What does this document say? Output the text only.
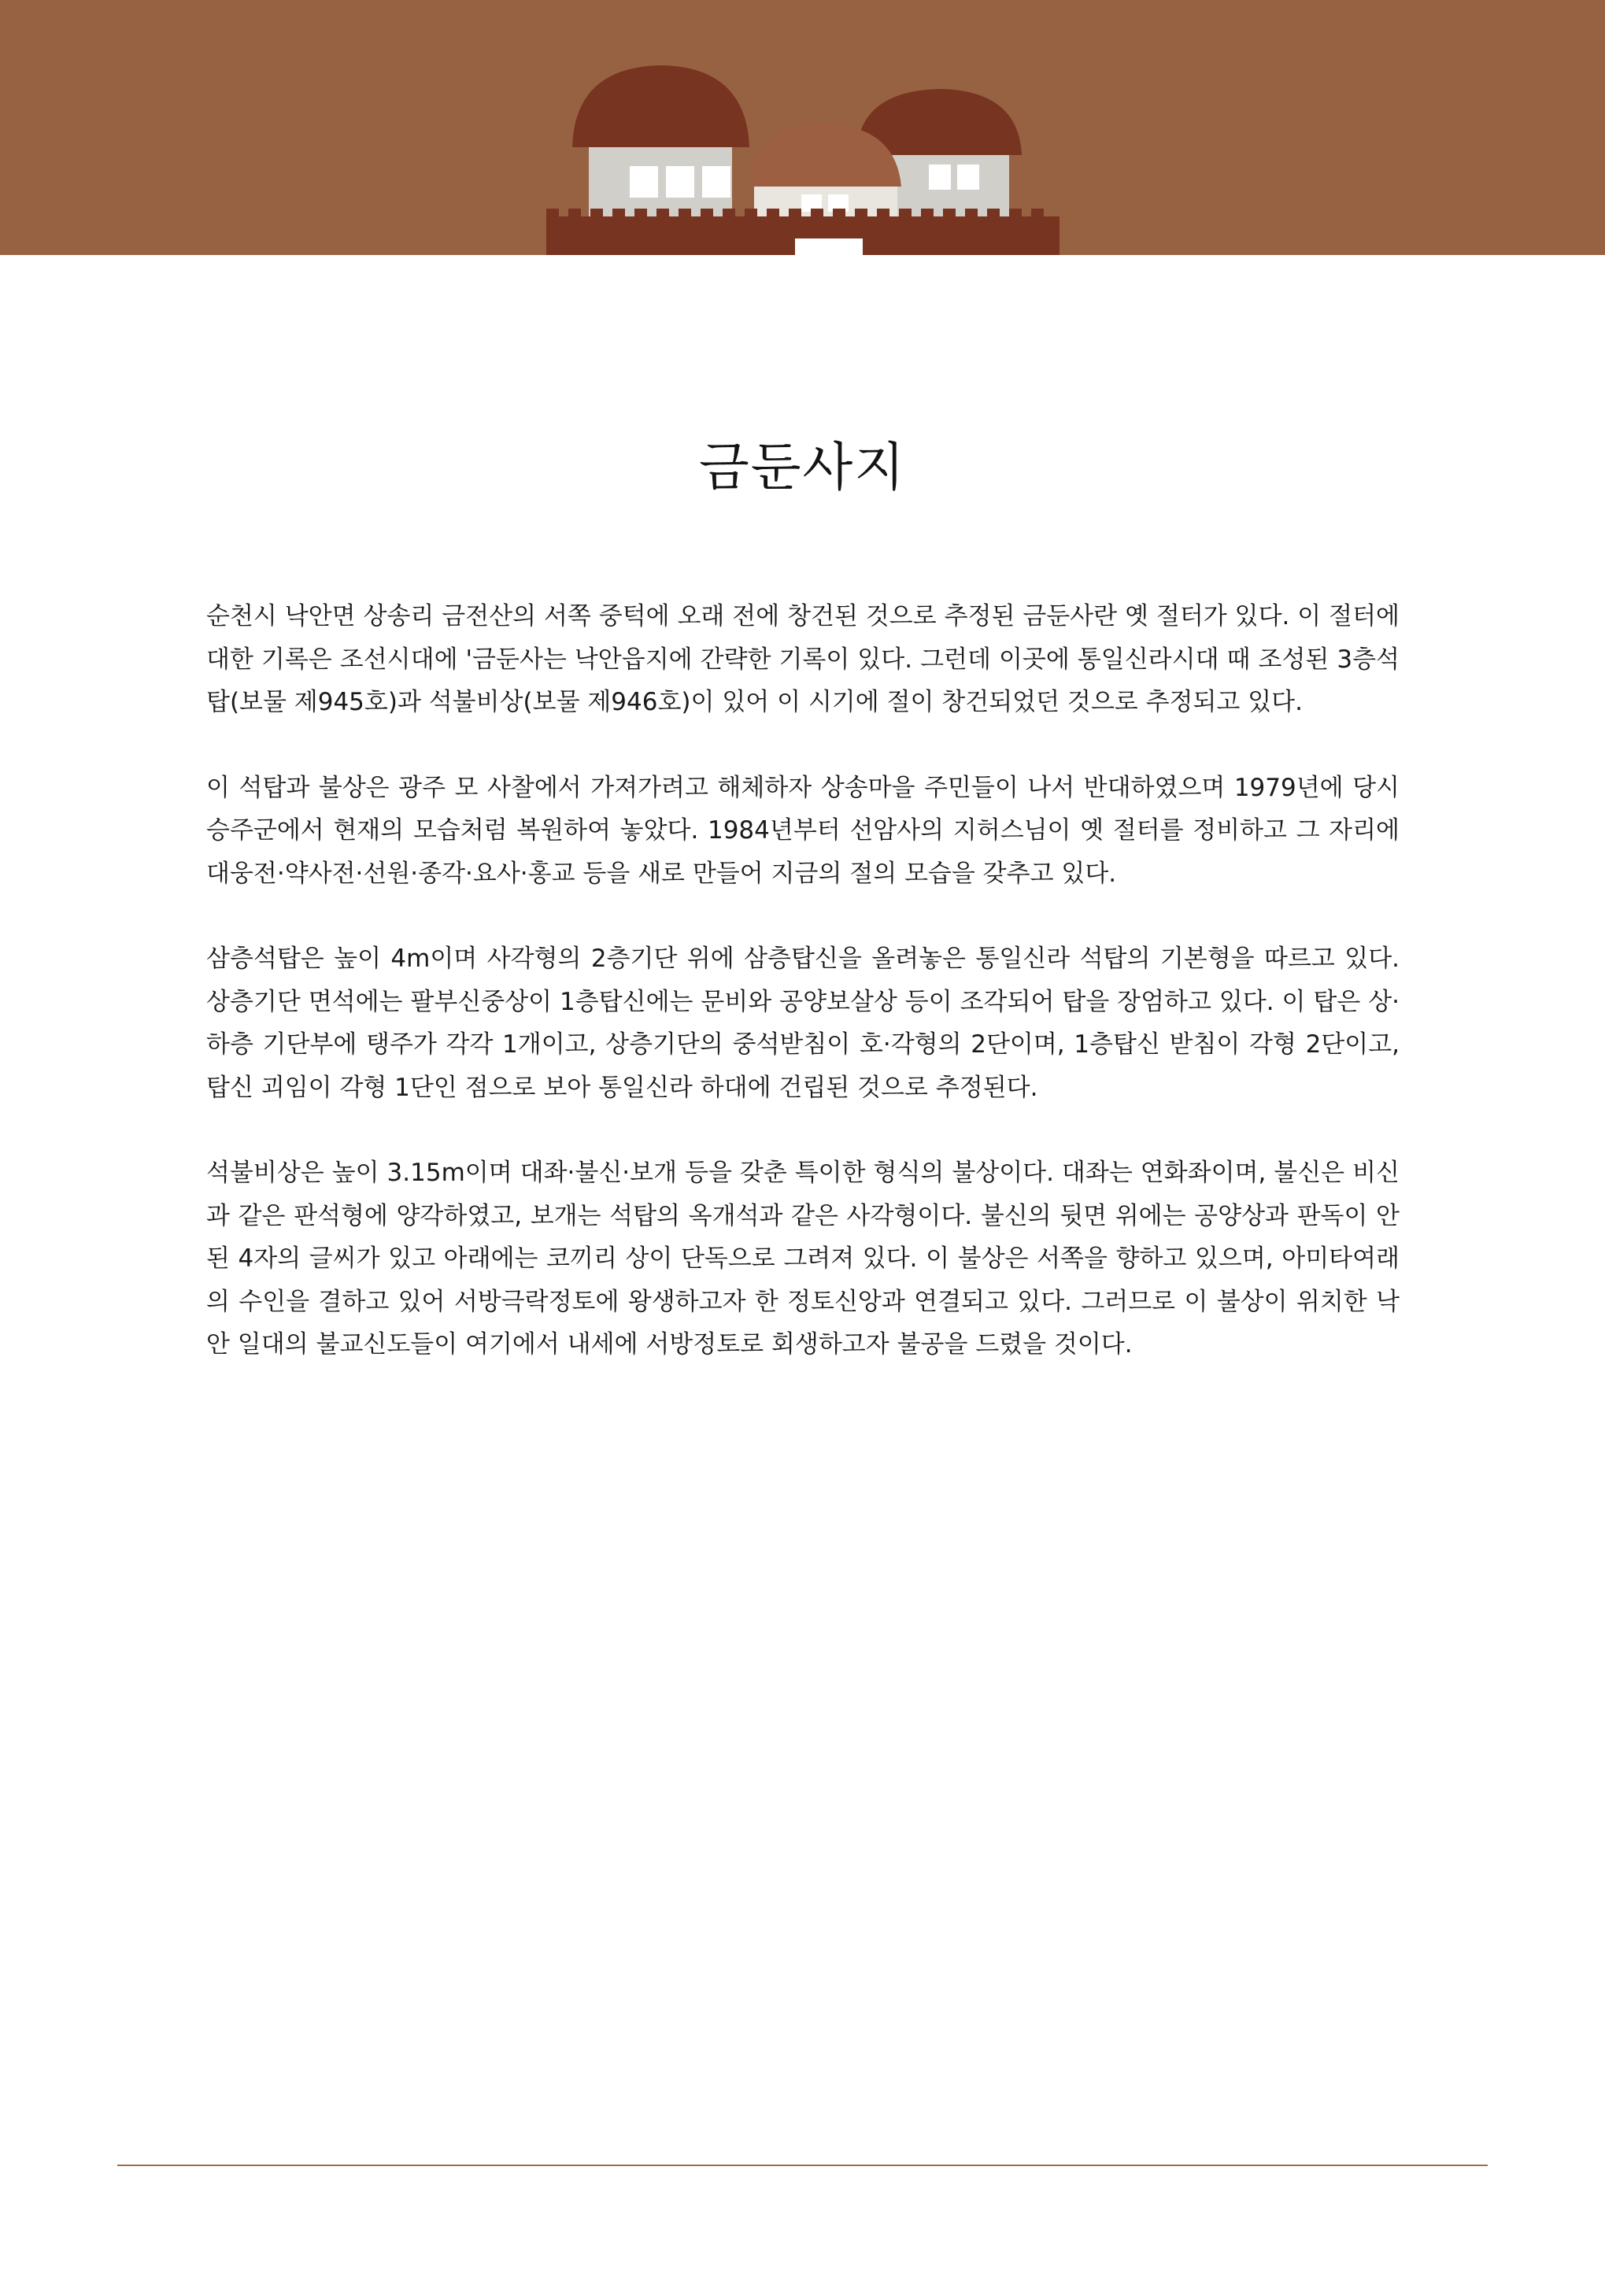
금둔사지

순천시 낙안면 상송리 금전산의 서쪽 중턱에 오래 전에 창건된 것으로 추정된 금둔사란 옛 절터가 있다. 이 절터에 대한 기록은 조선시대에 '금둔사는 낙안읍지에 간략한 기록이 있다. 그런데 이곳에 통일신라시대 때 조성된 3층석탑(보물 제945호)과 석불비상(보물 제946호)이 있어 이 시기에 절이 창건되었던 것으로 추정되고 있다.

이 석탑과 불상은 광주 모 사찰에서 가져가려고 해체하자 상송마을 주민들이 나서 반대하였으며 1979년에 당시 승주군에서 현재의 모습처럼 복원하여 놓았다. 1984년부터 선암사의 지허스님이 옛 절터를 정비하고 그 자리에 대웅전·약사전·선원·종각·요사·홍교 등을 새로 만들어 지금의 절의 모습을 갖추고 있다.

삼층석탑은 높이 4m이며 사각형의 2층기단 위에 삼층탑신을 올려놓은 통일신라 석탑의 기본형을 따르고 있다. 상층기단 면석에는 팔부신중상이 1층탑신에는 문비와 공양보살상 등이 조각되어 탑을 장엄하고 있다. 이 탑은 상·하층 기단부에 탱주가 각각 1개이고, 상층기단의 중석받침이 호·각형의 2단이며, 1층탑신 받침이 각형 2단이고, 탑신 괴임이 각형 1단인 점으로 보아 통일신라 하대에 건립된 것으로 추정된다.

석불비상은 높이 3.15m이며 대좌·불신·보개 등을 갖춘 특이한 형식의 불상이다. 대좌는 연화좌이며, 불신은 비신과 같은 판석형에 양각하였고, 보개는 석탑의 옥개석과 같은 사각형이다. 불신의 뒷면 위에는 공양상과 판독이 안 된 4자의 글씨가 있고 아래에는 코끼리 상이 단독으로 그려져 있다. 이 불상은 서쪽을 향하고 있으며, 아미타여래의 수인을 결하고 있어 서방극락정토에 왕생하고자 한 정토신앙과 연결되고 있다. 그러므로 이 불상이 위치한 낙안 일대의 불교신도들이 여기에서 내세에 서방정토로 회생하고자 불공을 드렸을 것이다.
